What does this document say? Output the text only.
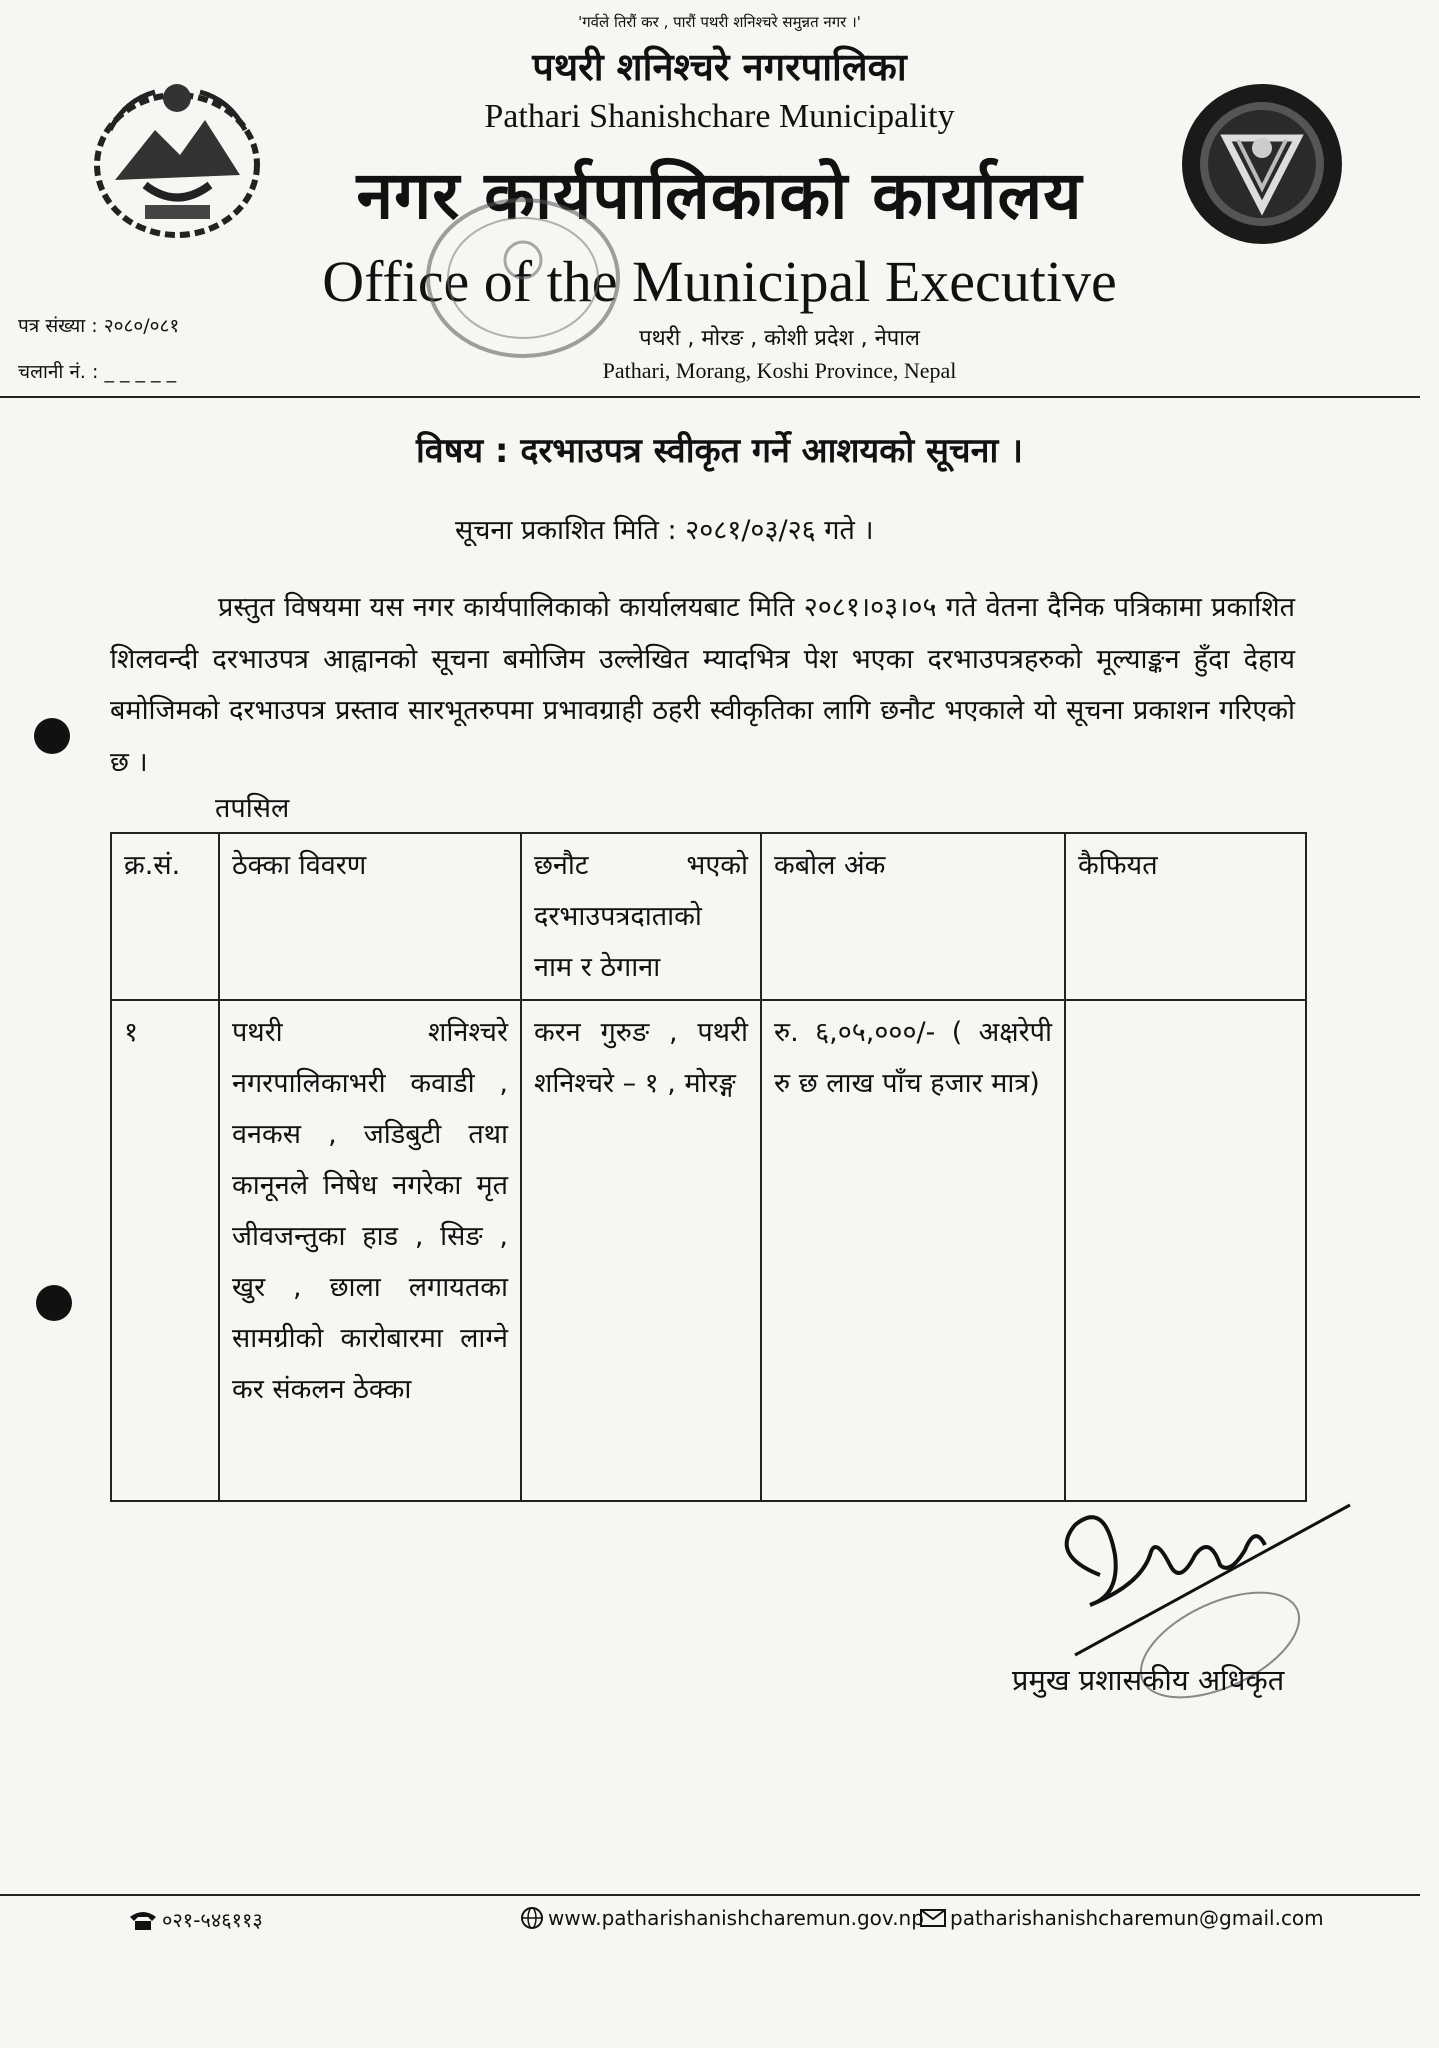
'गर्वले तिरौं कर , पारौं पथरी शनिश्चरे समुन्नत नगर ।'
पथरी शनिश्चरे नगरपालिका
Pathari Shanishchare Municipality
नगर कार्यपालिकाको कार्यालय
Office of the Municipal Executive
पथरी , मोरङ , कोशी प्रदेश , नेपाल
Pathari, Morang, Koshi Province, Nepal
पत्र संख्या : २०८०/०८१
चलानी नं. : _ _ _ _ _
विषय : दरभाउपत्र स्वीकृत गर्ने आशयको सूचना ।
सूचना प्रकाशित मिति : २०८१/०३/२६ गते ।
प्रस्तुत विषयमा यस नगर कार्यपालिकाको कार्यालयबाट मिति २०८१।०३।०५ गते वेतना दैनिक पत्रिकामा प्रकाशित शिलवन्दी दरभाउपत्र आह्वानको सूचना बमोजिम उल्लेखित म्यादभित्र पेश भएका दरभाउपत्रहरुको मूल्याङ्कन हुँदा देहाय बमोजिमको दरभाउपत्र प्रस्ताव सारभूतरुपमा प्रभावग्राही ठहरी स्वीकृतिका लागि छनौट भएकाले यो सूचना प्रकाशन गरिएको छ ।
तपसिल
क्र.सं.	ठेक्का विवरण	छनौट भएको दरभाउपत्रदाताको नाम र ठेगाना	कबोल अंक	कैफियत
१	पथरी शनिश्चरे नगरपालिकाभरी कवाडी , वनकस , जडिबुटी तथा कानूनले निषेध नगरेका मृत जीवजन्तुका हाड , सिङ , खुर , छाला लगायतका सामग्रीको कारोबारमा लाग्ने कर संकलन ठेक्का	करन गुरुङ , पथरी शनिश्चरे – १ , मोरङ्ग	रु. ६,०५,०००/- ( अक्षरेपी रु छ लाख पाँच हजार मात्र)	
प्रमुख प्रशासकीय अधिकृत
०२१-५४६११३	www.patharishanishcharemun.gov.np patharishanishcharemun@gmail.com
